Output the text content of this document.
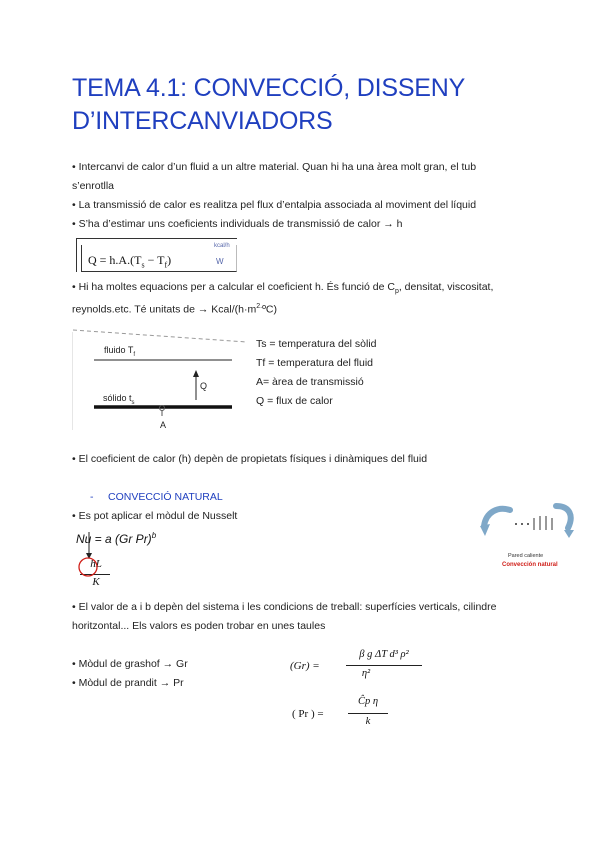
TEMA 4.1: CONVECCIÓ, DISSENY
D’INTERCANVIADORS
• Intercanvi de calor d’un fluid a un altre material. Quan hi ha una àrea molt gran, el tub
s’enrotlla
• La transmissió de calor es realitza pel flux d’entalpia associada al moviment del líquid
• S’ha d’estimar uns coeficients individuals de transmissió de calor → h
$Q = h.A.(T_s - T_f)$
kcal/h
W
• Hi ha moltes equacions per a calcular el coeficient h. És funció de $C_p$, densitat, viscositat,
reynolds.etc. Té unitats de → Kcal/$(h\cdot m^{2.}ºC)$
fluido $T_f$
sólido $t_s$
Q
A
Ts = temperatura del sòlid
Tf = temperatura del fluid
A= àrea de transmissió
Q = flux de calor
• El coeficient de calor (h) depèn de propietats físiques i dinàmiques del fluid
- CONVECCIÓ NATURAL
• Es pot aplicar el mòdul de Nusselt
Nu = a (Gr Pr)$^b$
hL
K
Pared caliente
Convección natural
• El valor de a i b depèn del sistema i les condicions de treball: superfícies verticals, cilindre
horitzontal... Els valors es poden trobar en unes taules
• Mòdul de grashof → Gr
• Mòdul de prandit → Pr
(Gr) =
β g ΔT d³ ρ²
η²
( Pr ) =
Ĉp η
k
